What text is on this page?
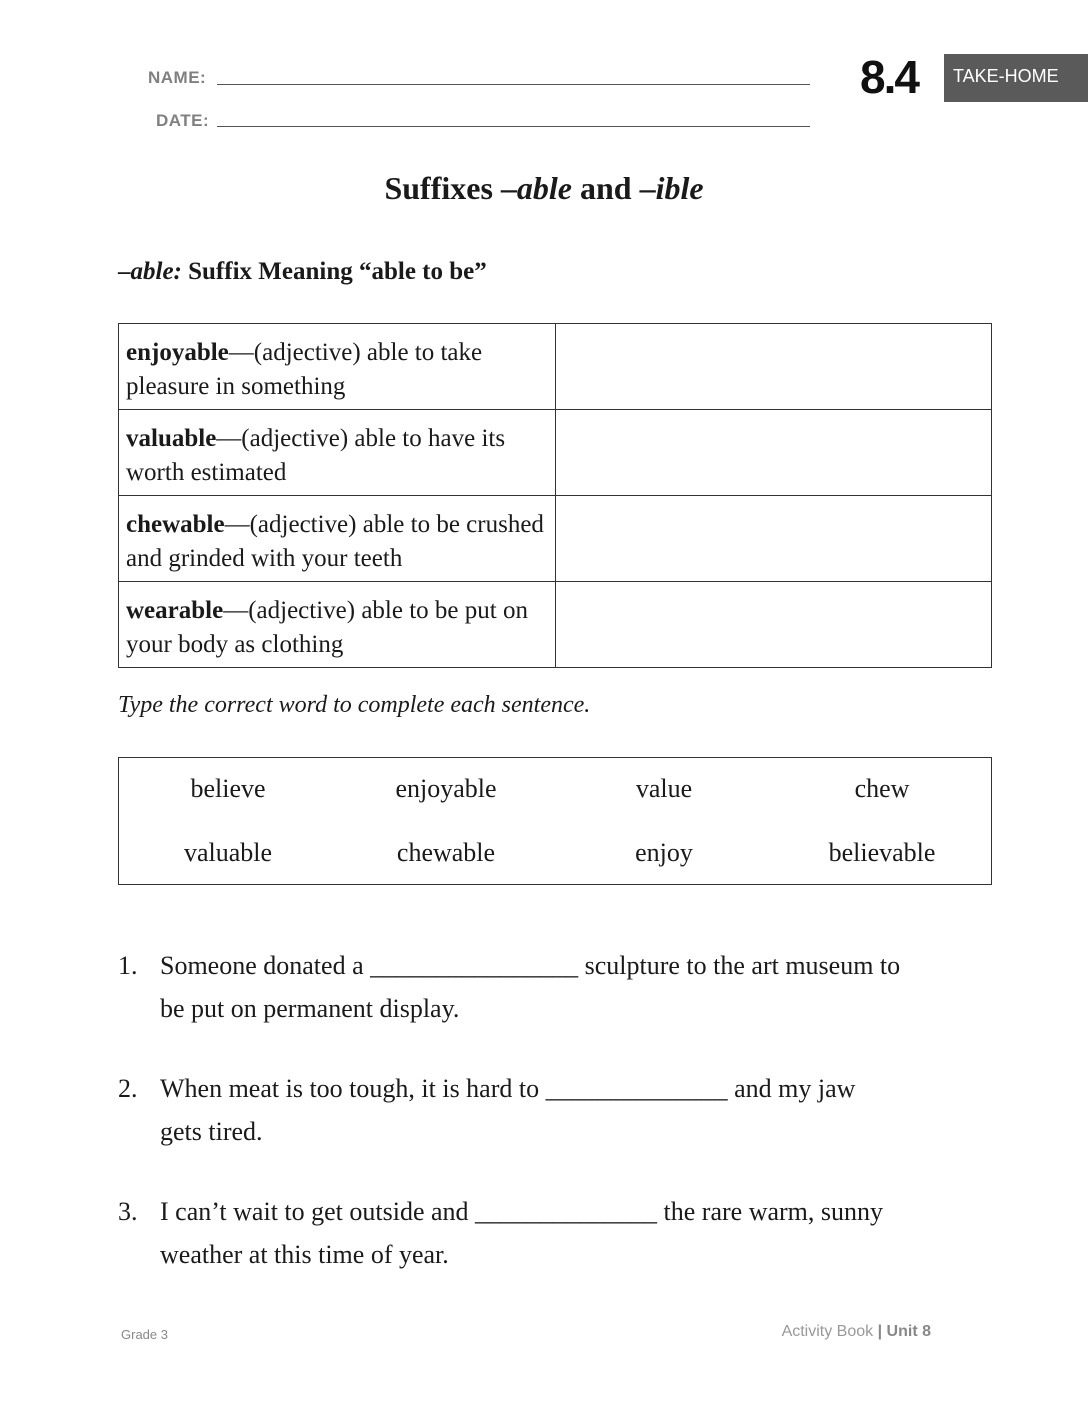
NAME:
DATE:
8.4	TAKE-HOME
Suffixes –able and –ible
–able: Suffix Meaning “able to be”
enjoyable—(adjective) able to take pleasure in something	
valuable—(adjective) able to have its worth estimated	
chewable—(adjective) able to be crushed and grinded with your teeth	
wearable—(adjective) able to be put on your body as clothing	
Type the correct word to complete each sentence.
believe	enjoyable	value	chew
valuable	chewable	enjoy	believable
1. Someone donated a ________________ sculpture to the art museum to
be put on permanent display.
2. When meat is too tough, it is hard to ______________ and my jaw
gets tired.
3. I can’t wait to get outside and ______________ the rare warm, sunny
weather at this time of year.
Grade 3	Activity Book | Unit 8
